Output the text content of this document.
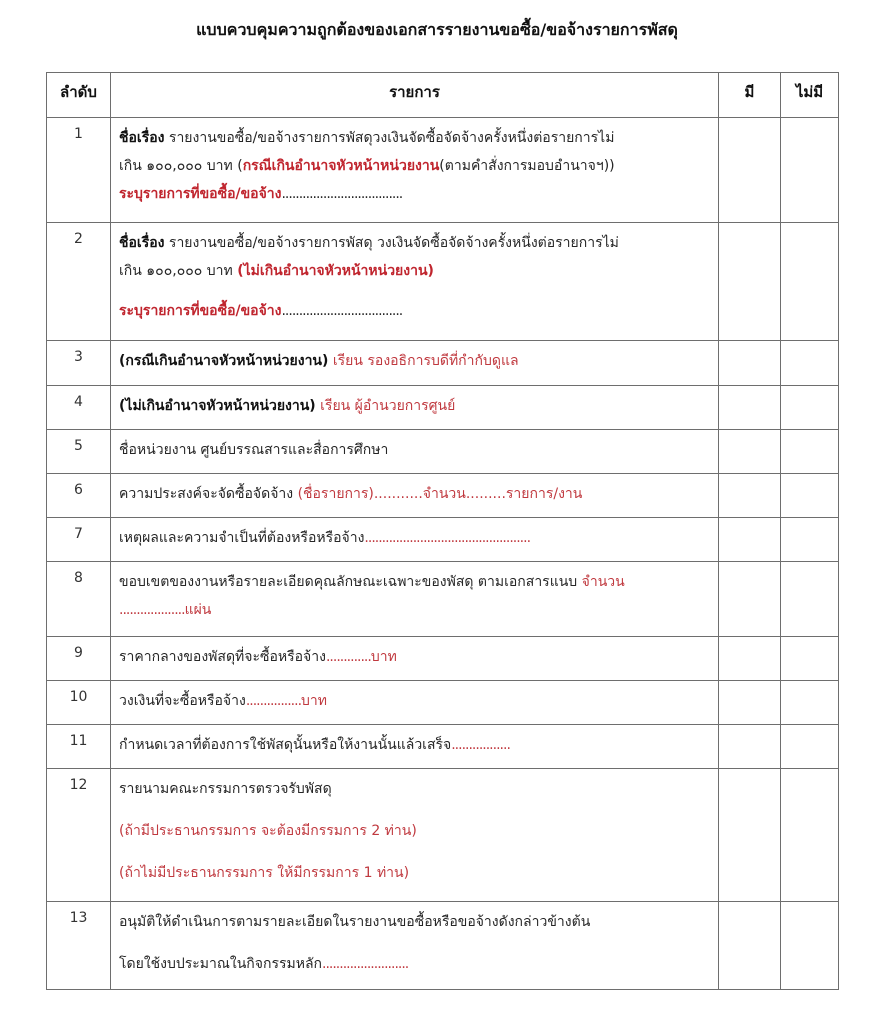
แบบควบคุมความถูกต้องของเอกสารรายงานขอซื้อ/ขอจ้างรายการพัสดุ
ลำดับ	รายการ	มี	ไม่มี

1	ชื่อเรื่อง รายงานขอซื้อ/ขอจ้างรายการพัสดุวงเงินจัดซื้อจัดจ้างครั้งหนึ่งต่อรายการไม่
เกิน ๑๐๐,๐๐๐ บาท (กรณีเกินอำนาจหัวหน้าหน่วยงาน(ตามคำสั่งการมอบอำนาจฯ))
ระบุรายการที่ขอซื้อ/ขอจ้าง...................................		

2	ชื่อเรื่อง รายงานขอซื้อ/ขอจ้างรายการพัสดุ วงเงินจัดซื้อจัดจ้างครั้งหนึ่งต่อรายการไม่
เกิน ๑๐๐,๐๐๐ บาท (ไม่เกินอำนาจหัวหน้าหน่วยงาน)
ระบุรายการที่ขอซื้อ/ขอจ้าง...................................		

3	(กรณีเกินอำนาจหัวหน้าหน่วยงาน) เรียน รองอธิการบดีที่กำกับดูแล		
4	(ไม่เกินอำนาจหัวหน้าหน่วยงาน) เรียน ผู้อำนวยการศูนย์		
5	ชื่อหน่วยงาน ศูนย์บรรณสารและสื่อการศึกษา		
6	ความประสงค์จะจัดซื้อจัดจ้าง (ชื่อรายการ)...........จำนวน.........รายการ/งาน		
7	เหตุผลและความจำเป็นที่ต้องหรือหรือจ้าง................................................		
8	ขอบเขตของงานหรือรายละเอียดคุณลักษณะเฉพาะของพัสดุ ตามเอกสารแนบ จำนวน
...................แผ่น		

9	ราคากลางของพัสดุที่จะซื้อหรือจ้าง.............บาท		
10	วงเงินที่จะซื้อหรือจ้าง................บาท		
11	กำหนดเวลาที่ต้องการใช้พัสดุนั้นหรือให้งานนั้นแล้วเสร็จ.................		
12	รายนามคณะกรรมการตรวจรับพัสดุ
(ถ้ามีประธานกรรมการ จะต้องมีกรรมการ 2 ท่าน)
(ถ้าไม่มีประธานกรรมการ ให้มีกรรมการ 1 ท่าน)		

13	อนุมัติให้ดำเนินการตามรายละเอียดในรายงานขอซื้อหรือขอจ้างดังกล่าวข้างต้น
โดยใช้งบประมาณในกิจกรรมหลัก.........................		
